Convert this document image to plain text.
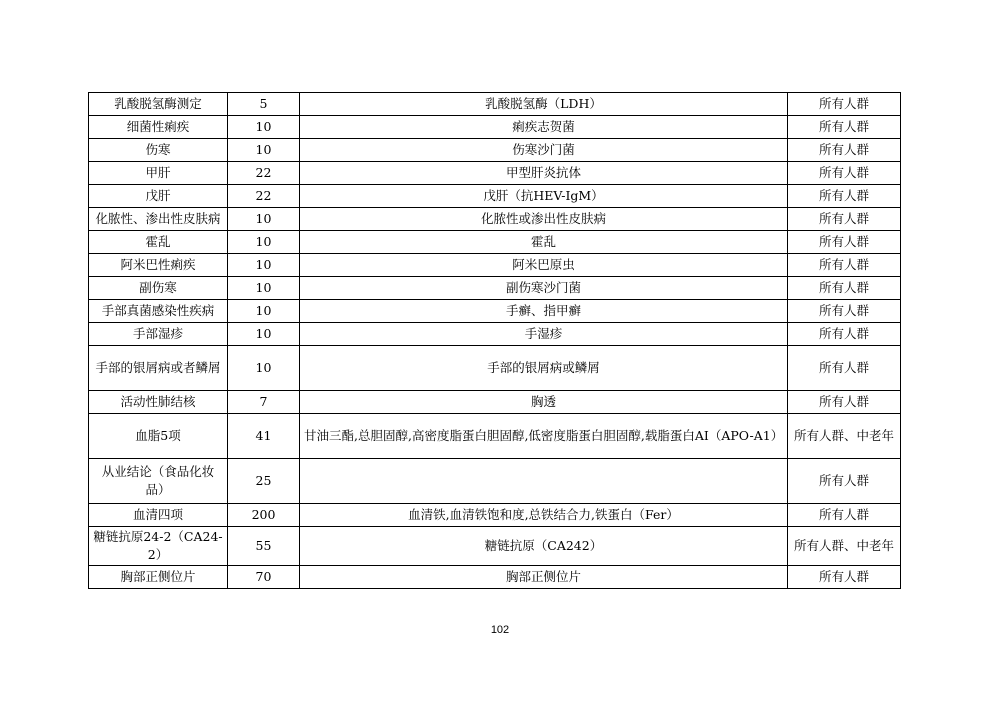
乳酸脱氢酶测定	5	乳酸脱氢酶（LDH）	所有人群
细菌性痢疾	10	痢疾志贺菌	所有人群
伤寒	10	伤寒沙门菌	所有人群
甲肝	22	甲型肝炎抗体	所有人群
戊肝	22	戊肝（抗HEV-IgM）	所有人群
化脓性、渗出性皮肤病	10	化脓性或渗出性皮肤病	所有人群
霍乱	10	霍乱	所有人群
阿米巴性痢疾	10	阿米巴原虫	所有人群
副伤寒	10	副伤寒沙门菌	所有人群
手部真菌感染性疾病	10	手癣、指甲癣	所有人群
手部湿疹	10	手湿疹	所有人群
手部的银屑病或者鳞屑	10	手部的银屑病或鳞屑	所有人群
活动性肺结核	7	胸透	所有人群
血脂5项	41	甘油三酯,总胆固醇,高密度脂蛋白胆固醇,低密度脂蛋白胆固醇,载脂蛋白AI（APO-A1）	所有人群、中老年
从业结论（食品化妆品）	25		所有人群
血清四项	200	血清铁,血清铁饱和度,总铁结合力,铁蛋白（Fer）	所有人群
糖链抗原24-2（CA24-2）	55	糖链抗原（CA242）	所有人群、中老年
胸部正侧位片	70	胸部正侧位片	所有人群
102
